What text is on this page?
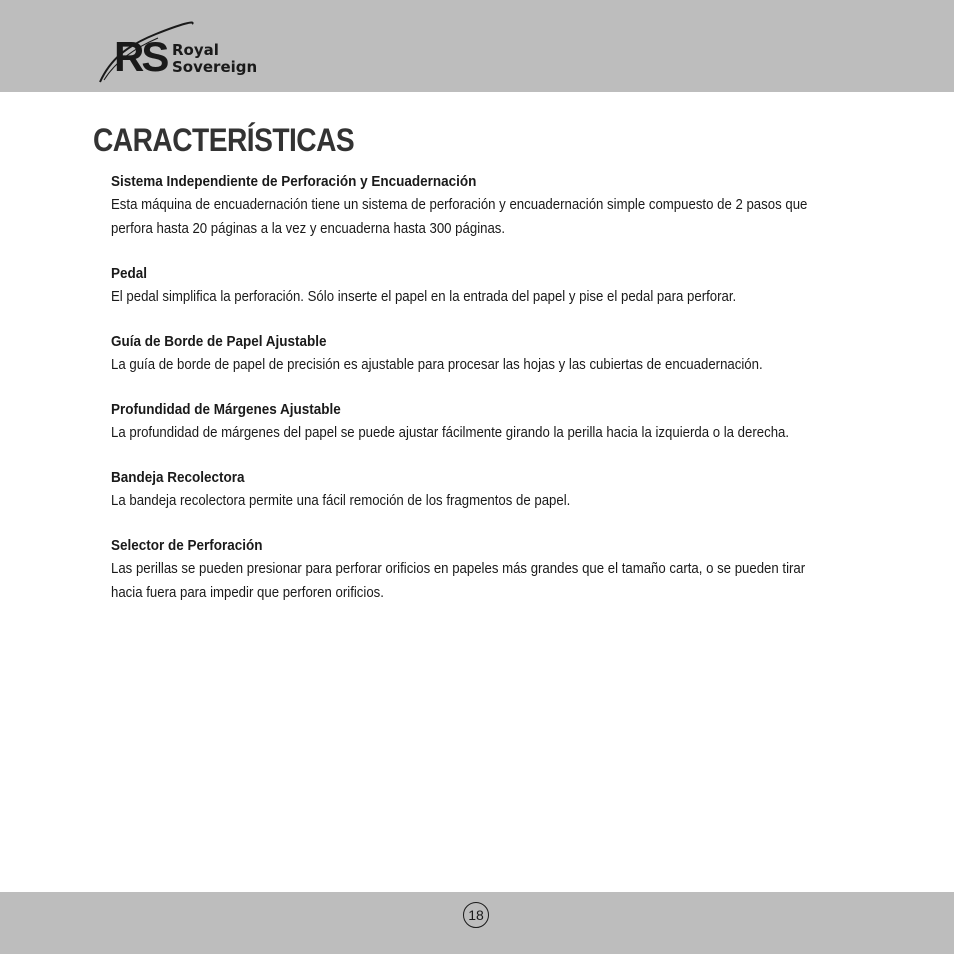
RS Royal
Sovereign
CARACTERÍSTICAS

Sistema Independiente de Perforación y Encuadernación

Esta máquina de encuadernación tiene un sistema de perforación y encuadernación simple compuesto de 2 pasos que perfora hasta 20 páginas a la vez y encuaderna hasta 300 páginas.

Pedal

El pedal simplifica la perforación. Sólo inserte el papel en la entrada del papel y pise el pedal para perforar.

Guía de Borde de Papel Ajustable

La guía de borde de papel de precisión es ajustable para procesar las hojas y las cubiertas de encuadernación.

Profundidad de Márgenes Ajustable

La profundidad de márgenes del papel se puede ajustar fácilmente girando la perilla hacia la izquierda o la derecha.

Bandeja Recolectora

La bandeja recolectora permite una fácil remoción de los fragmentos de papel.

Selector de Perforación

Las perillas se pueden presionar para perforar orificios en papeles más grandes que el tamaño carta, o se pueden tirar hacia fuera para impedir que perforen orificios.

18
